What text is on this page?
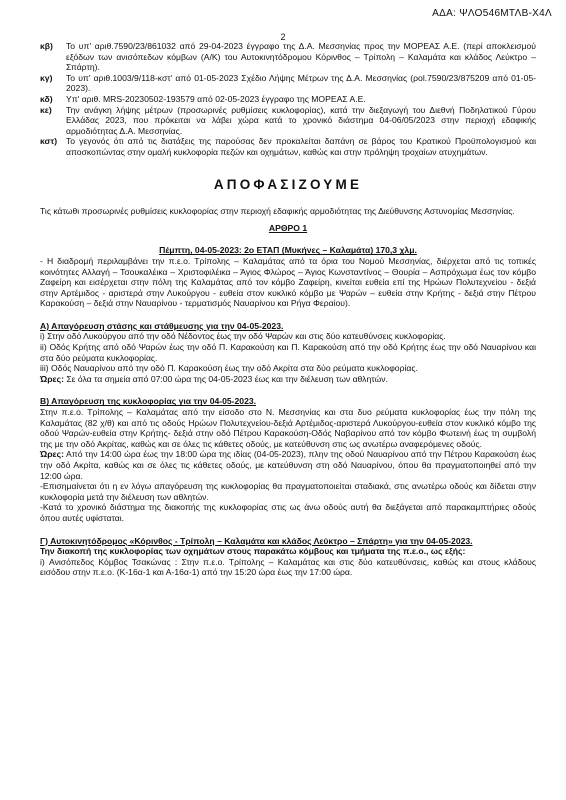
ΑΔΑ: ΨΛΟ546ΜΤΛΒ-Χ4Λ
2
κβ)	Το υπ' αριθ.7590/23/861032 από 29-04-2023 έγγραφο της Δ.Α. Μεσσηνίας προς την ΜΟΡΕΑΣ Α.Ε. (περί αποκλεισμού εξόδων των ανισόπεδων κόμβων (Α/Κ) του Αυτοκινητόδρομου Κόρινθος – Τρίπολη – Καλαμάτα και κλάδος Λεύκτρο – Σπάρτη).
κγ)	Το υπ' αριθ.1003/9/118-κστ' από 01-05-2023 Σχέδιο Λήψης Μέτρων της Δ.Α. Μεσσηνίας (ρol.7590/23/875209 από 01-05-2023).
κδ)	Υπ' αριθ. MRS-20230502-193579 από 02-05-2023 έγγραφο της ΜΟΡΕΑΣ Α.Ε.
κε)	Την ανάγκη λήψης μέτρων (προσωρινές ρυθμίσεις κυκλοφορίας), κατά την διεξαγωγή του Διεθνή Ποδηλατικού Γύρου Ελλάδας 2023, που πρόκειται να λάβει χώρα κατά το χρονικό διάστημα 04-06/05/2023 στην περιοχή εδαφικής αρμοδιότητας Δ.Α. Μεσσηνίας.
κστ)	Το γεγονός ότι από τις διατάξεις της παρούσας δεν προκαλείται δαπάνη σε βάρος του Κρατικού Προϋπολογισμού και αποσκοπώντας στην ομαλή κυκλοφορία πεζών και οχημάτων, καθώς και στην πρόληψη τροχαίων ατυχημάτων.
ΑΠΟΦΑΣΙΖΟΥΜΕ
Τις κάτωθι προσωρινές ρυθμίσεις κυκλοφορίας στην περιοχή εδαφικής αρμοδιότητας της Διεύθυνσης Αστυνομίας Μεσσηνίας.
ΑΡΘΡΟ 1
Πέμπτη, 04-05-2023: 2ο ΕΤΑΠ (Μυκήνες – Καλαμάτα) 170,3 χλμ.
- Η διαδρομή περιλαμβάνει την π.ε.ο. Τρίπολης – Καλαμάτας από τα όρια του Νομού Μεσσηνίας, διέρχεται από τις τοπικές κοινότητες Αλλαγή – Τσουκαλέικα – Χριστοφιλέικα – Άγιος Φλώρος – Άγιος Κωνσταντίνος – Θουρία – Ασπρόχωμα έως τον κόμβο Ζαφείρη και εισέρχεται στην πόλη της Καλαμάτας από τον κόμβο Ζαφείρη, κινείται ευθεία επί της Ηρώων Πολυτεχνείου - δεξιά στην Αρτέμιδος - αριστερά στην Λυκούργου - ευθεία στον κυκλικό κόμβο με Ψαρών – ευθεία στην Κρήτης - δεξιά στην Πέτρου Καρακούση – δεξιά στην Ναυαρίνου - τερματισμός Ναυαρίνου και Ρήγα Φεραίου).
Α) Απαγόρευση στάσης και στάθμευσης για την 04-05-2023.
i) Στην οδό Λυκούργου από την οδό Νέδοντος έως την οδό Ψαρών και στις δύο κατευθύνσεις κυκλοφορίας.
ii) Οδός Κρήτης από οδό Ψαρών έως την οδό Π. Καρακούση και Π. Καρακούση από την οδό Κρήτης έως την οδό Ναυαρίνου και στα δύο ρεύματα κυκλοφορίας.
iii) Οδός Ναυαρίνου από την οδό Π. Καρακούση έως την οδό Ακρίτα στα δύο ρεύματα κυκλοφορίας.
Ώρες: Σε όλα τα σημεία από 07:00 ώρα της 04-05-2023 έως και την διέλευση των αθλητών.
Β) Απαγόρευση της κυκλοφορίας για την 04-05-2023.
Στην π.ε.ο. Τρίπολης – Καλαμάτας από την είσοδο στο Ν. Μεσσηνίας και στα δυο ρεύματα κυκλοφορίας έως την πόλη της Καλαμάτας (82 χ/θ) και από τις οδούς Ηρώων Πολυτεχνείου-δεξιά Αρτέμιδος-αριστερά Λυκούργου-ευθεία στον κυκλικό κόμβο της οδού Ψαρών-ευθεία στην Κρήτης- δεξιά στην οδό Πέτρου Καρακούση-Οδός Ναβαρίνου από τον κόμβο Φωτεινή έως τη συμβολή της με την οδό Ακρίτας, καθώς και σε όλες τις κάθετες οδούς, με κατεύθυνση στις ως ανωτέρω αναφερόμενες οδούς.
Ώρες: Από την 14:00 ώρα έως την 18:00 ώρα της ιδίας (04-05-2023), πλην της οδού Ναυαρίνου από την Πέτρου Καρακούση έως την οδό Ακρίτα, καθώς και σε όλες τις κάθετες οδούς, με κατεύθυνση στη οδό Ναυαρίνου, όπου θα πραγματοποιηθεί από την 12:00 ώρα.
-Επισημαίνεται ότι η εν λόγω απαγόρευση της κυκλοφορίας θα πραγματοποιείται σταδιακά, στις ανωτέρω οδούς και δίδεται στην κυκλοφορία μετά την διέλευση των αθλητών.
-Κατά το χρονικό διάστημα της διακοπής της κυκλοφορίας στις ως άνω οδούς αυτή θα διεξάγεται από παρακαμπτήριες οδούς όπου αυτές υφίσταται.
Γ) Αυτοκινητόδρομος «Κόρινθος - Τρίπολη – Καλαμάτα και κλάδος Λεύκτρο – Σπάρτη» για την 04-05-2023.
Την διακοπή της κυκλοφορίας των οχημάτων στους παρακάτω κόμβους και τμήματα της π.ε.ο., ως εξής:
i) Ανισόπεδος Κόμβος Τσακώνας : Στην π.ε.ο. Τρίπολης – Καλαμάτας και στις δύο κατευθύνσεις, καθώς και στους κλάδους εισόδου στην π.ε.ο. (Κ-16α-1 και Α-16α-1) από την 15:20 ώρα έως την 17:00 ώρα.
